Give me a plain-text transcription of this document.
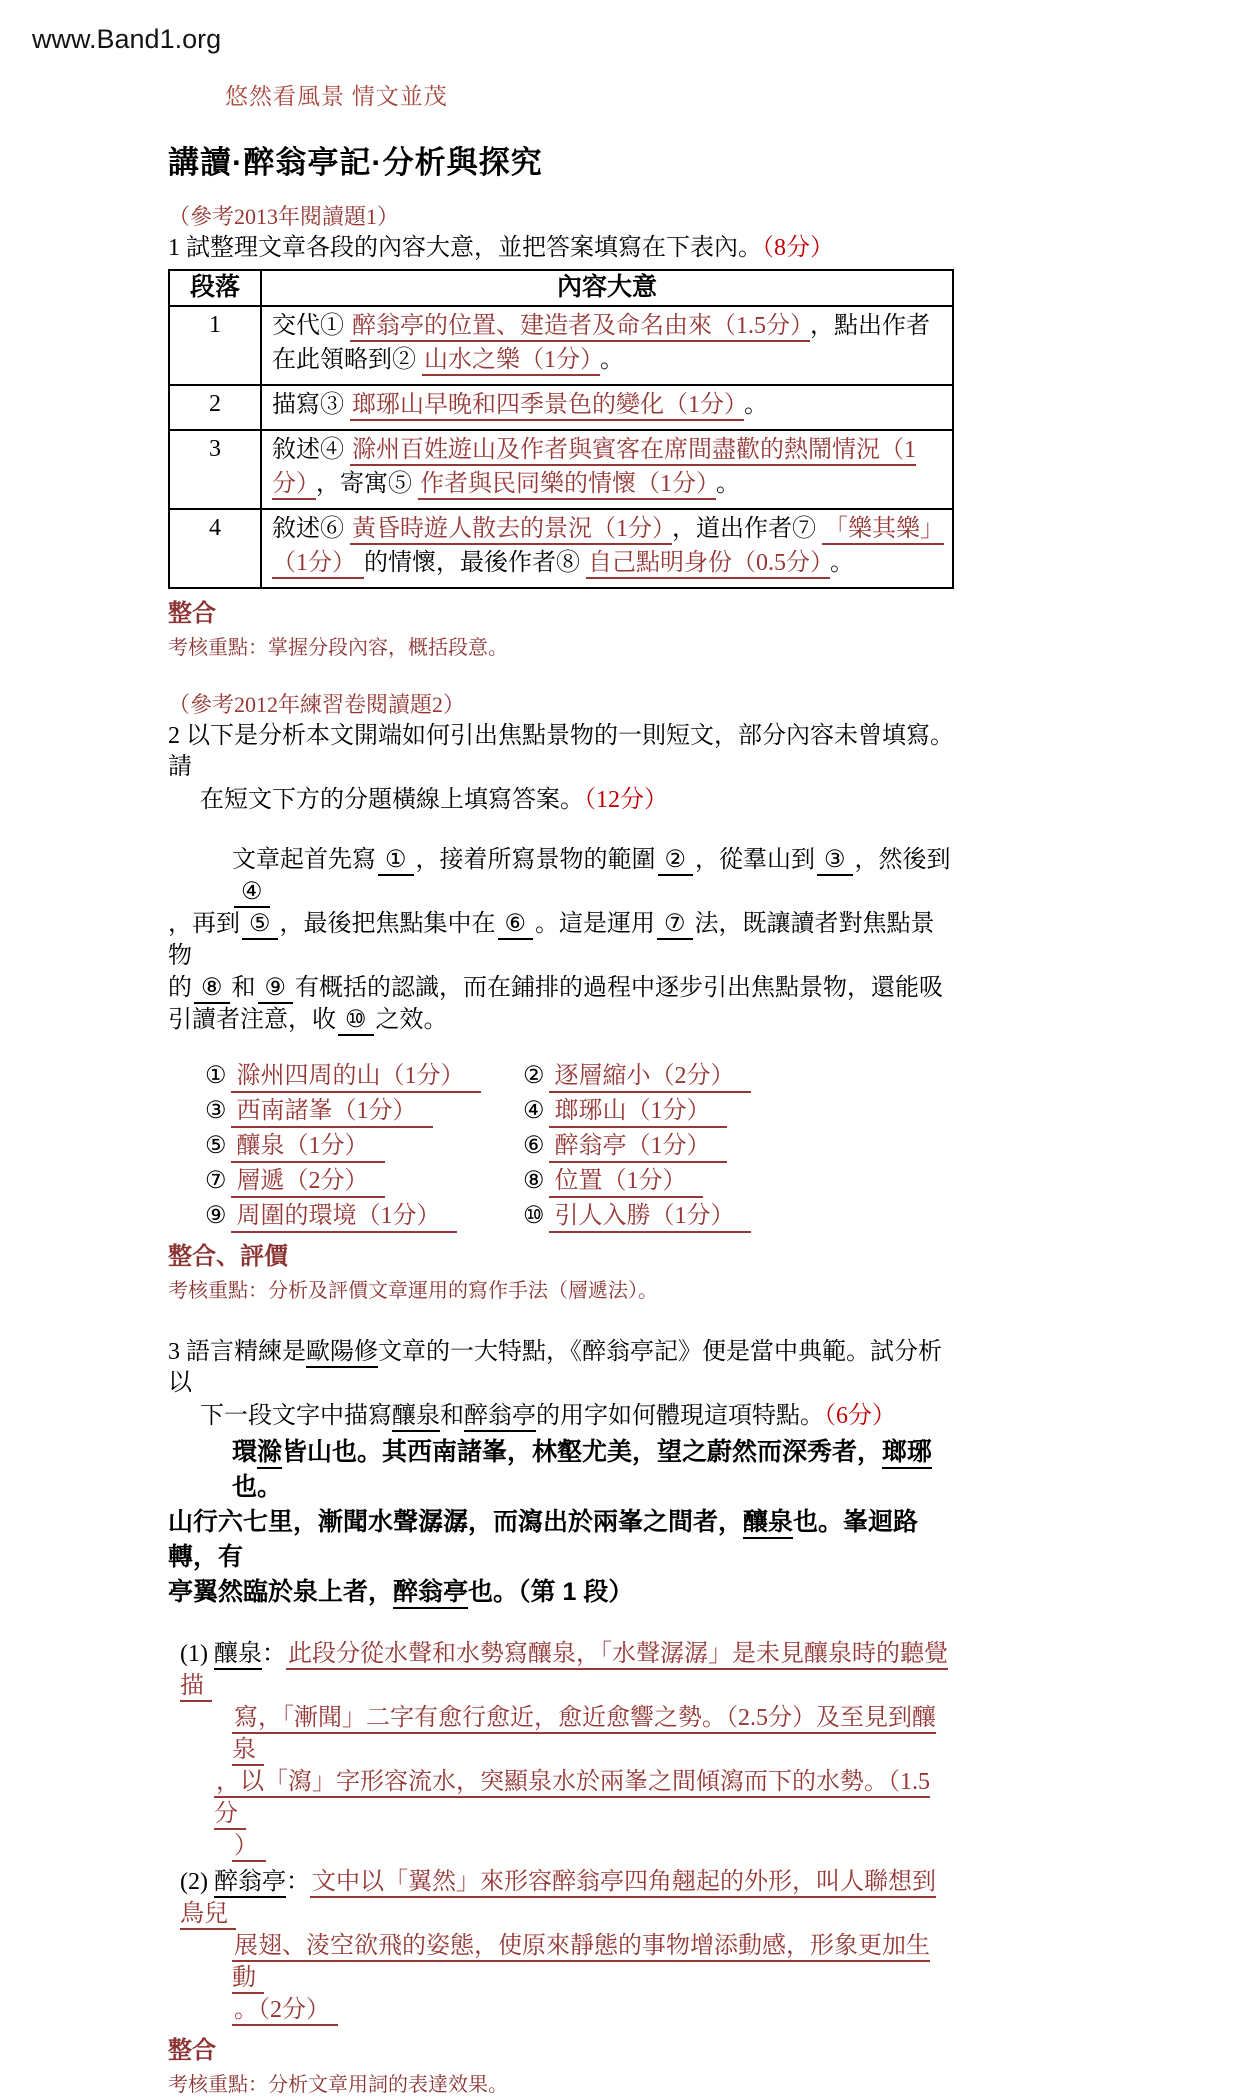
www.Band1.org
悠然看風景 情文並茂
講讀·醉翁亭記·分析與探究
（參考2013年閱讀題1）
1 試整理文章各段的內容大意，並把答案填寫在下表內。（8分）
段落	內容大意
1	交代① 醉翁亭的位置、建造者及命名由來（1.5分） ，點出作者在此領略到② 山水之樂（1分） 。
2	描寫③ 瑯琊山早晚和四季景色的變化（1分） 。
3	敘述④ 滁州百姓遊山及作者與賓客在席間盡歡的熱鬧情況（1分） ，寄寓⑤ 作者與民同樂的情懷（1分） 。
4	敘述⑥ 黃昏時遊人散去的景況（1分） ，道出作者⑦ 「樂其樂」（1分） 的情懷，最後作者⑧ 自己點明身份（0.5分） 。
整合
考核重點：掌握分段內容，概括段意。
（參考2012年練習卷閱讀題2）
2 以下是分析本文開端如何引出焦點景物的一則短文，部分內容未曾填寫。請
在短文下方的分題橫線上填寫答案。（12分）
文章起首先寫 ① ，接着所寫景物的範圍 ② ，從羣山到 ③ ，然後到④
，再到 ⑤ ，最後把焦點集中在 ⑥ 。這是運用 ⑦ 法，既讓讀者對焦點景物
的 ⑧ 和 ⑨ 有概括的認識，而在鋪排的過程中逐步引出焦點景物，還能吸
引讀者注意，收 ⑩ 之效。
① 滁州四周的山（1分）	② 逐層縮小（2分）
③ 西南諸峯（1分）	④ 瑯琊山（1分）
⑤ 釀泉（1分）	⑥ 醉翁亭（1分）
⑦ 層遞（2分）	⑧ 位置（1分）
⑨ 周圍的環境（1分）	⑩ 引人入勝（1分）
整合、評價
考核重點：分析及評價文章運用的寫作手法（層遞法）。
3 語言精練是歐陽修文章的一大特點，《醉翁亭記》便是當中典範。試分析以
下一段文字中描寫釀泉和醉翁亭的用字如何體現這項特點。（6分）
環滁皆山也。其西南諸峯，林壑尤美，望之蔚然而深秀者，瑯琊也。
山行六七里，漸聞水聲潺潺，而瀉出於兩峯之間者，釀泉也。峯迴路轉，有
亭翼然臨於泉上者，醉翁亭也。（第 1 段）
(1) 釀泉：此段分從水聲和水勢寫釀泉，「水聲潺潺」是未見釀泉時的聽覺描
寫，「漸聞」二字有愈行愈近，愈近愈響之勢。（2.5分）及至見到釀泉
，以「瀉」字形容流水，突顯泉水於兩峯之間傾瀉而下的水勢。（1.5分
）
(2) 醉翁亭：文中以「翼然」來形容醉翁亭四角翹起的外形，叫人聯想到鳥兒
展翅、淩空欲飛的姿態，使原來靜態的事物增添動感，形象更加生動
。（2分）
整合
考核重點：分析文章用詞的表達效果。
